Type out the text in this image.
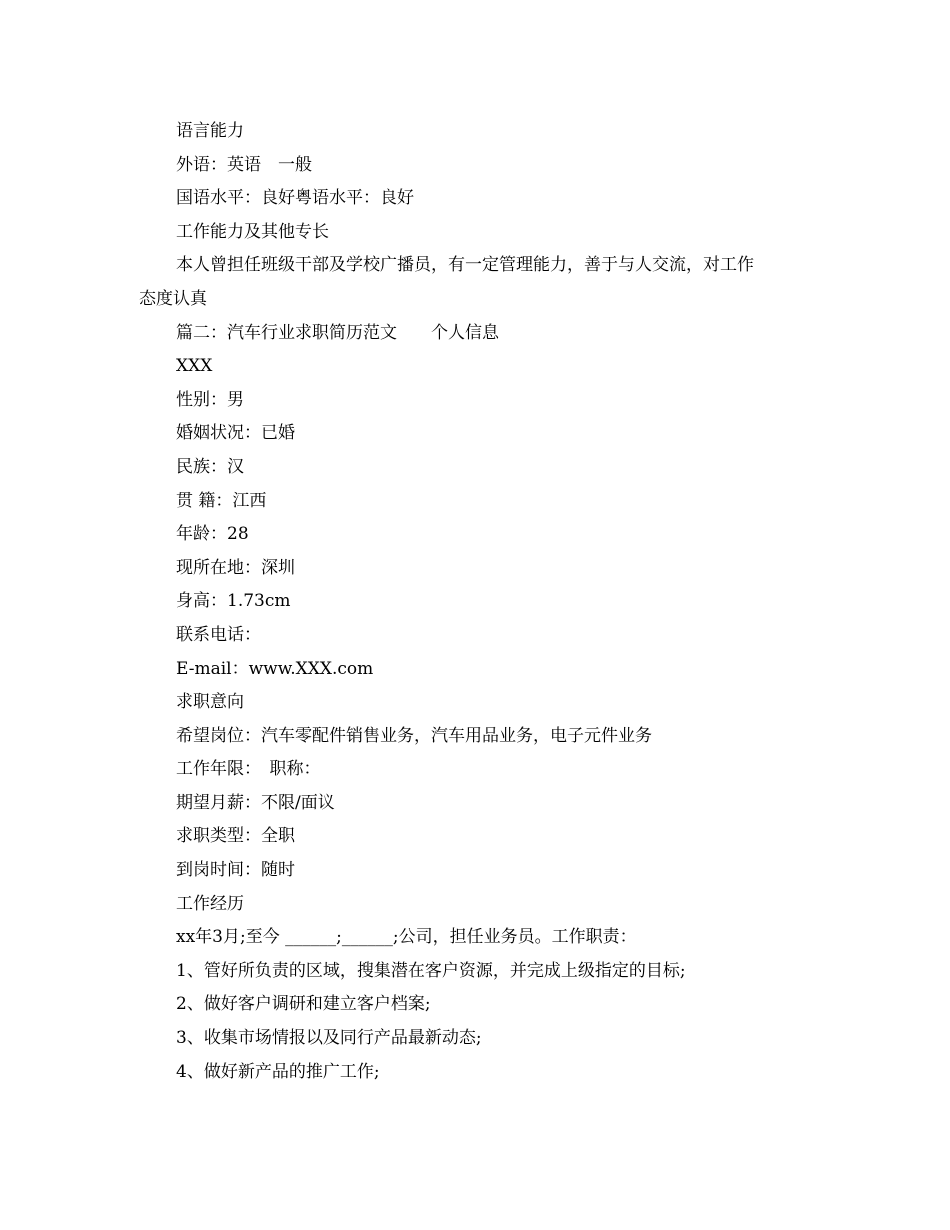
语言能力
外语：英语　一般
国语水平：良好粤语水平：良好
工作能力及其他专长
本人曾担任班级干部及学校广播员，有一定管理能力，善于与人交流，对工作
态度认真
篇二：汽车行业求职简历范文　　个人信息
XXX
性别：男
婚姻状况：已婚
民族：汉
贯 籍：江西
年龄：28
现所在地：深圳
身高：1.73cm
联系电话：
E-mail：www.XXX.com
求职意向
希望岗位：汽车零配件销售业务，汽车用品业务，电子元件业务
工作年限：　职称：
期望月薪：不限/面议
求职类型：全职
到岗时间：随时
工作经历
xx年3月;至今 ______;______;公司，担任业务员。工作职责：
1、管好所负责的区域，搜集潜在客户资源，并完成上级指定的目标;
2、做好客户调研和建立客户档案;
3、收集市场情报以及同行产品最新动态;
4、做好新产品的推广工作;
